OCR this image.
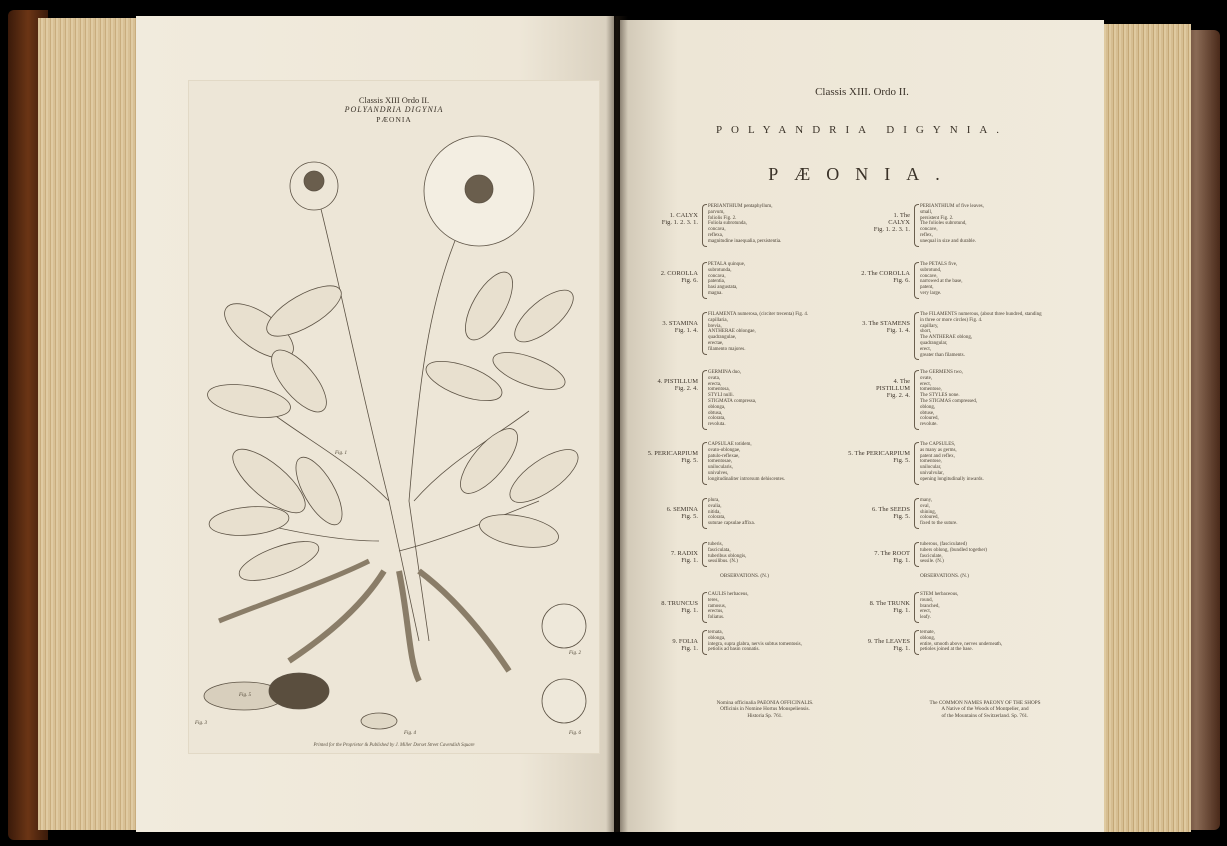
Classis XIII Ordo II.
POLYANDRIA DIGYNIA
PÆONIA
Fig. 1
Fig. 2
Fig. 3
Fig. 4
Fig. 5
Fig. 6
Printed for the Proprietor & Published by J. Miller Dorset Street Cavendish Square
Classis XIII. Ordo II.
POLYANDRIA DIGYNIA.
PÆONIA.
1. CALYX
Fig. 1. 2. 3. 1.
PERIANTHIUM pentaphyllum,
parvum,
foliolis Fig. 2.
Foliola subrotunda,
concava,
reflexa,
magnitudine inaequalia, persistentia.
2. COROLLA
Fig. 6.
PETALA quinque,
subrotunda,
concava,
patentia,
basi angustata,
magna.
3. STAMINA
Fig. 1. 4.
FILAMENTA numerosa, (circiter trecenta) Fig. 4.
capillaria,
brevia,
ANTHERAE oblongae,
quadrangulae,
erectae,
filamento majores.
4. PISTILLUM
Fig. 2. 4.
GERMINA duo,
ovata,
erecta,
tomentosa,
STYLI nulli.
STIGMATA compressa,
oblonga,
obtusa,
colorata,
revoluta.
5. PERICARPIUM
Fig. 5.
CAPSULAE totidem,
ovato-oblongae,
patulo-reflexae,
tomentosae,
unilocularis,
univalves,
longitudinaliter introrsum dehiscentes.
6. SEMINA
Fig. 5.
plura,
ovalia,
nitida,
colorata,
suturae capsulae affixa.
7. RADIX
Fig. 1.
tuberis,
fasciculata,
tuberibus oblongis,
sessilibus. (N.)
8. TRUNCUS
Fig. 1.
CAULIS herbaceus,
teres,
ramosus,
erectus,
foliatus.
9. FOLIA
Fig. 1.
ternata,
oblonga,
integra, supra glabra, nervis subtus tomentosis,
petiolis ad basin connatis.
1. The
CALYX
Fig. 1. 2. 3. 1.
PERIANTHIUM of five leaves,
small,
persistent Fig. 2.
The folioles subrotund,
concave,
reflex,
unequal in size and durable.
2. The COROLLA
Fig. 6.
The PETALS five,
subrotund,
concave,
narrowed at the base,
patent,
very large.
3. The STAMENS
Fig. 1. 4.
The FILAMENTS numerous, (about three hundred, standing
in three or more circles) Fig. 4.
capillary,
short,
The ANTHERAE oblong,
quadrangular,
erect,
greater than filaments.
4. The
PISTILLUM
Fig. 2. 4.
The GERMENS two,
ovate,
erect,
tomentose,
The STYLES none.
The STIGMAS compressed,
oblong,
obtuse,
coloured,
revolute.
5. The PERICARPIUM
Fig. 5.
The CAPSULES,
as many as germs,
patent and reflex,
tomentose,
unilocular,
univalvular,
opening longitudinally inwards.
6. The SEEDS
Fig. 5.
many,
oval,
shining,
coloured,
fixed to the suture.
7. The ROOT
Fig. 1.
tuberous, (fasciculated)
tubers oblong, (bundled together)
fasciculate,
sessile. (N.)
8. The TRUNK
Fig. 1.
STEM herbaceous,
round,
branched,
erect,
leafy.
9. The LEAVES
Fig. 1.
ternate,
oblong,
entire, smooth above, nerves underneath,
petioles joined at the base.
OBSERVATIONS. (N.)	OBSERVATIONS. (N.)
Nomina officinalia PAEONIA OFFICINALIS.
Officinis in Nomine Hortus Monspeliensis.
Historia Sp. 761.
The COMMON NAMES PAEONY OF THE SHOPS
A Native of the Woods of Montpelier, and
of the Mountains of Switzerland. Sp. 761.
